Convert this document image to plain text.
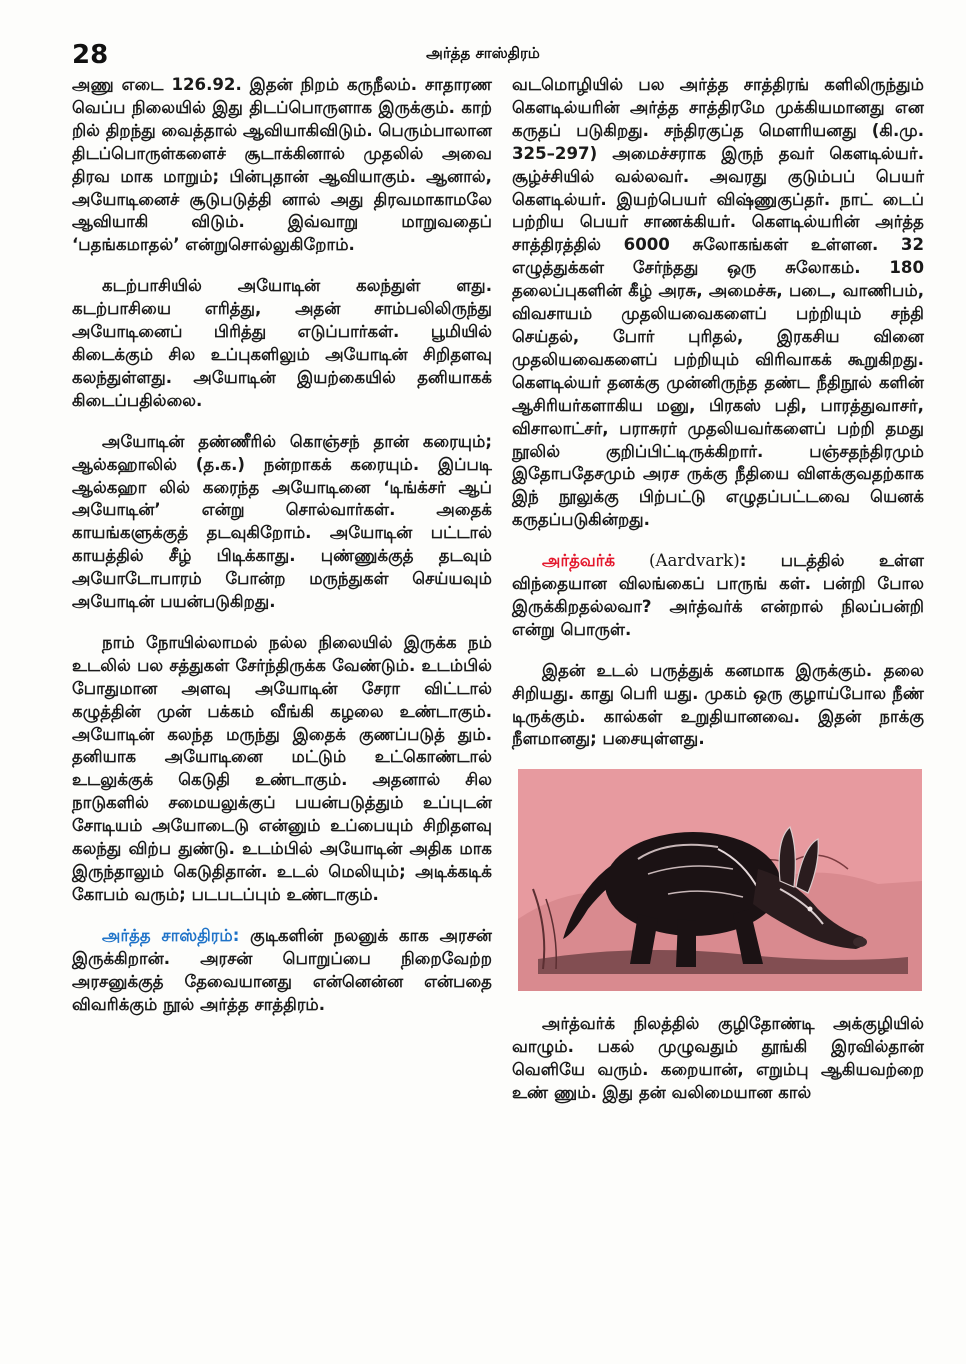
28	அர்த்த சாஸ்திரம்

அணு எடை 126.92. இதன் நிறம் கருநீலம். சாதாரண வெப்ப நிலையில் இது திடப்பொருளாக இருக்கும். காற் றில் திறந்து வைத்தால் ஆவியாகிவிடும். பெரும்பாலான திடப்பொருள்களைச் சூடாக்கினால் முதலில் அவை திரவ மாக மாறும்; பின்புதான் ஆவியாகும். ஆனால், அயோடினைச் சூடுபடுத்தி னால் அது திரவமாகாமலே ஆவியாகி விடும். இவ்வாறு மாறுவதைப் ‘பதங்கமாதல்’ என்றுசொல்லுகிறோம்.

கடற்பாசியில் அயோடின் கலந்துள் ளது. கடற்பாசியை எரித்து, அதன் சாம்பலிலிருந்து அயோடினைப் பிரித்து எடுப்பார்கள். பூமியில் கிடைக்கும் சில உப்புகளிலும் அயோடின் சிறிதளவு கலந்துள்ளது. அயோடின் இயற்கையில் தனியாகக் கிடைப்பதில்லை.

அயோடின் தண்ணீரில் கொஞ்சந் தான் கரையும்; ஆல்கஹாலில் (த.க.) நன்றாகக் கரையும். இப்படி ஆல்கஹா லில் கரைந்த அயோடினை ‘டிங்க்சர் ஆப் அயோடின்’ என்று சொல்வார்கள். அதைக் காயங்களுக்குத் தடவுகிறோம். அயோடின் பட்டால் காயத்தில் சீழ் பிடிக்காது. புண்ணுக்குத் தடவும் அயோடோபாரம் போன்ற மருந்துகள் செய்யவும் அயோடின் பயன்படுகிறது.

நாம் நோயில்லாமல் நல்ல நிலையில் இருக்க நம் உடலில் பல சத்துகள் சேர்ந்திருக்க வேண்டும். உடம்பில் போதுமான அளவு அயோடின் சேரா விட்டால் கழுத்தின் முன் பக்கம் வீங்கி கழலை உண்டாகும். அயோடின் கலந்த மருந்து இதைக் குணப்படுத் தும். தனியாக அயோடினை மட்டும் உட்கொண்டால் உடலுக்குக் கெடுதி உண்டாகும். அதனால் சில நாடுகளில் சமையலுக்குப் பயன்படுத்தும் உப்புடன் சோடியம் அயோடைடு என்னும் உப்பையும் சிறிதளவு கலந்து விற்ப துண்டு. உடம்பில் அயோடின் அதிக மாக இருந்தாலும் கெடுதிதான். உடல் மெலியும்; அடிக்கடிக் கோபம் வரும்; படபடப்பும் உண்டாகும்.

அர்த்த சாஸ்திரம்: குடிகளின் நலனுக் காக அரசன் இருக்கிறான். அரசன் பொறுப்பை நிறைவேற்ற அரசனுக்குத் தேவையானது என்னென்ன என்பதை விவரிக்கும் நூல் அர்த்த சாத்திரம்.

வடமொழியில் பல அர்த்த சாத்திரங் களிலிருந்தும் கௌடில்யரின் அர்த்த சாத்திரமே முக்கியமானது என கருதப் படுகிறது. சந்திரகுப்த மௌரியனது (கி.மு. 325–297) அமைச்சராக இருந் தவர் கௌடில்யர். சூழ்ச்சியில் வல்லவர். அவரது குடும்பப் பெயர் கௌடில்யர். இயற்பெயர் விஷ்ணுகுப்தர். நாட் டைப் பற்றிய பெயர் சாணக்கியர். கௌடில்யரின் அர்த்த சாத்திரத்தில் 6000 சுலோகங்கள் உள்ளன. 32 எழுத்துக்கள் சேர்ந்தது ஒரு சுலோகம். 180 தலைப்புகளின் கீழ் அரசு, அமைச்சு, படை, வாணிபம், விவசாயம் முதலியவைகளைப் பற்றியும் சந்தி செய்தல், போர் புரிதல், இரகசிய வினை முதலியவைகளைப் பற்றியும் விரிவாகக் கூறுகிறது. கௌடில்யர் தனக்கு முன்னிருந்த தண்ட நீதிநூல் களின் ஆசிரியர்களாகிய மனு, பிரகஸ் பதி, பாரத்துவாசர், விசாலாட்சர், பராசுரர் முதலியவர்களைப் பற்றி தமது நூலில் குறிப்பிட்டிருக்கிறார். பஞ்சதந்திரமும் இதோபதேசமும் அரச ருக்கு நீதியை விளக்குவதற்காக இந் நூலுக்கு பிற்பட்டு எழுதப்பட்டவை யெனக் கருதப்படுகின்றது.

அர்த்வர்க் (Aardvark): படத்தில் உள்ள விந்தையான விலங்கைப் பாருங் கள். பன்றி போல இருக்கிறதல்லவா? அர்த்வர்க் என்றால் நிலப்பன்றி என்று பொருள்.

இதன் உடல் பருத்துக் கனமாக இருக்கும். தலை சிறியது. காது பெரி யது. முகம் ஒரு குழாய்போல நீண் டிருக்கும். கால்கள் உறுதியானவை. இதன் நாக்கு நீளமானது; பசையுள்ளது.

அர்த்வர்க் நிலத்தில் குழிதோண்டி அக்குழியில் வாழும். பகல் முழுவதும் தூங்கி இரவில்தான் வெளியே வரும். கறையான், எறும்பு ஆகியவற்றை உண் ணும். இது தன் வலிமையான கால்
